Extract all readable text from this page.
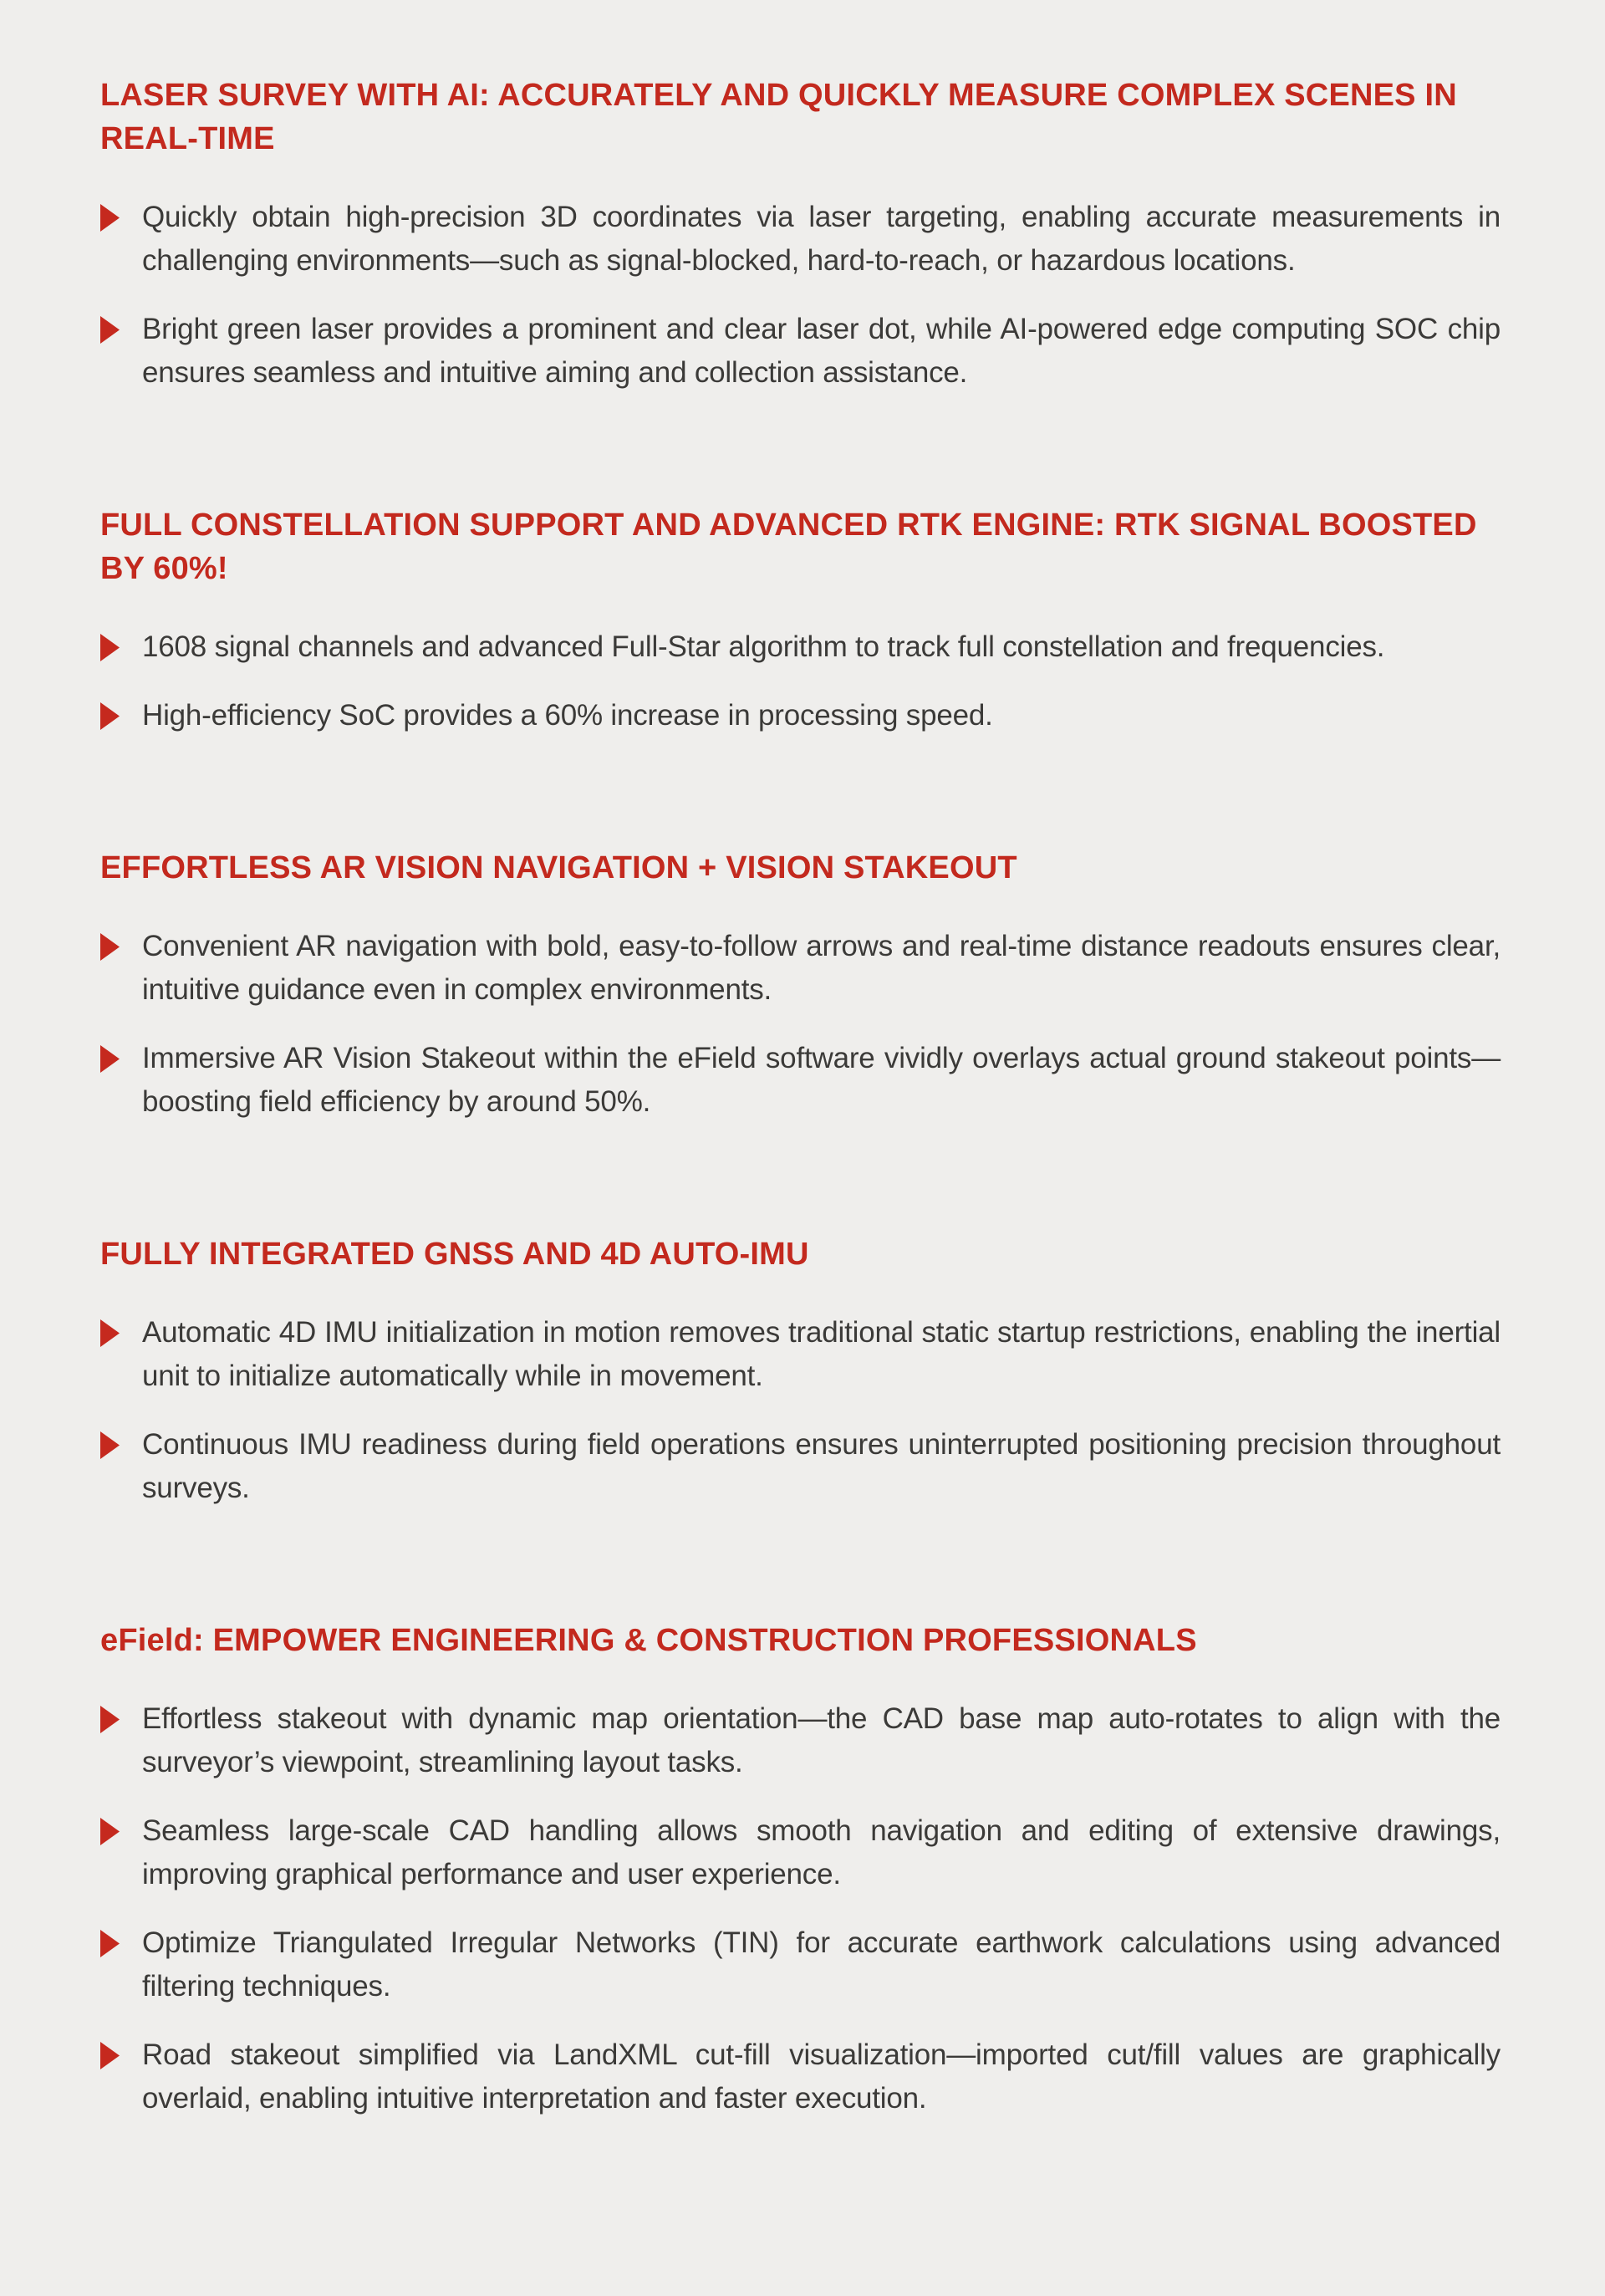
LASER SURVEY WITH AI: ACCURATELY AND QUICKLY MEASURE COMPLEX SCENES IN REAL-TIME

Quickly obtain high-precision 3D coordinates via laser targeting, enabling accurate measurements in challenging environments—such as signal-blocked, hard-to-reach, or hazardous locations.

Bright green laser provides a prominent and clear laser dot, while AI-powered edge computing SOC chip ensures seamless and intuitive aiming and collection assistance.

FULL CONSTELLATION SUPPORT AND ADVANCED RTK ENGINE: RTK SIGNAL BOOSTED BY 60%!

1608 signal channels and advanced Full-Star algorithm to track full constellation and frequencies.

High-efficiency SoC provides a 60% increase in processing speed.

EFFORTLESS AR VISION NAVIGATION + VISION STAKEOUT

Convenient AR navigation with bold, easy-to-follow arrows and real-time distance readouts ensures clear, intuitive guidance even in complex environments.

Immersive AR Vision Stakeout within the eField software vividly overlays actual ground stakeout points—boosting field efficiency by around 50%.

FULLY INTEGRATED GNSS AND 4D AUTO-IMU

Automatic 4D IMU initialization in motion removes traditional static startup restrictions, enabling the inertial unit to initialize automatically while in movement.

Continuous IMU readiness during field operations ensures uninterrupted positioning precision throughout surveys.

eField: EMPOWER ENGINEERING & CONSTRUCTION PROFESSIONALS

Effortless stakeout with dynamic map orientation—the CAD base map auto-rotates to align with the surveyor’s viewpoint, streamlining layout tasks.

Seamless large-scale CAD handling allows smooth navigation and editing of extensive drawings, improving graphical performance and user experience.

Optimize Triangulated Irregular Networks (TIN) for accurate earthwork calculations using advanced filtering techniques.

Road stakeout simplified via LandXML cut-fill visualization—imported cut/fill values are graphically overlaid, enabling intuitive interpretation and faster execution.
